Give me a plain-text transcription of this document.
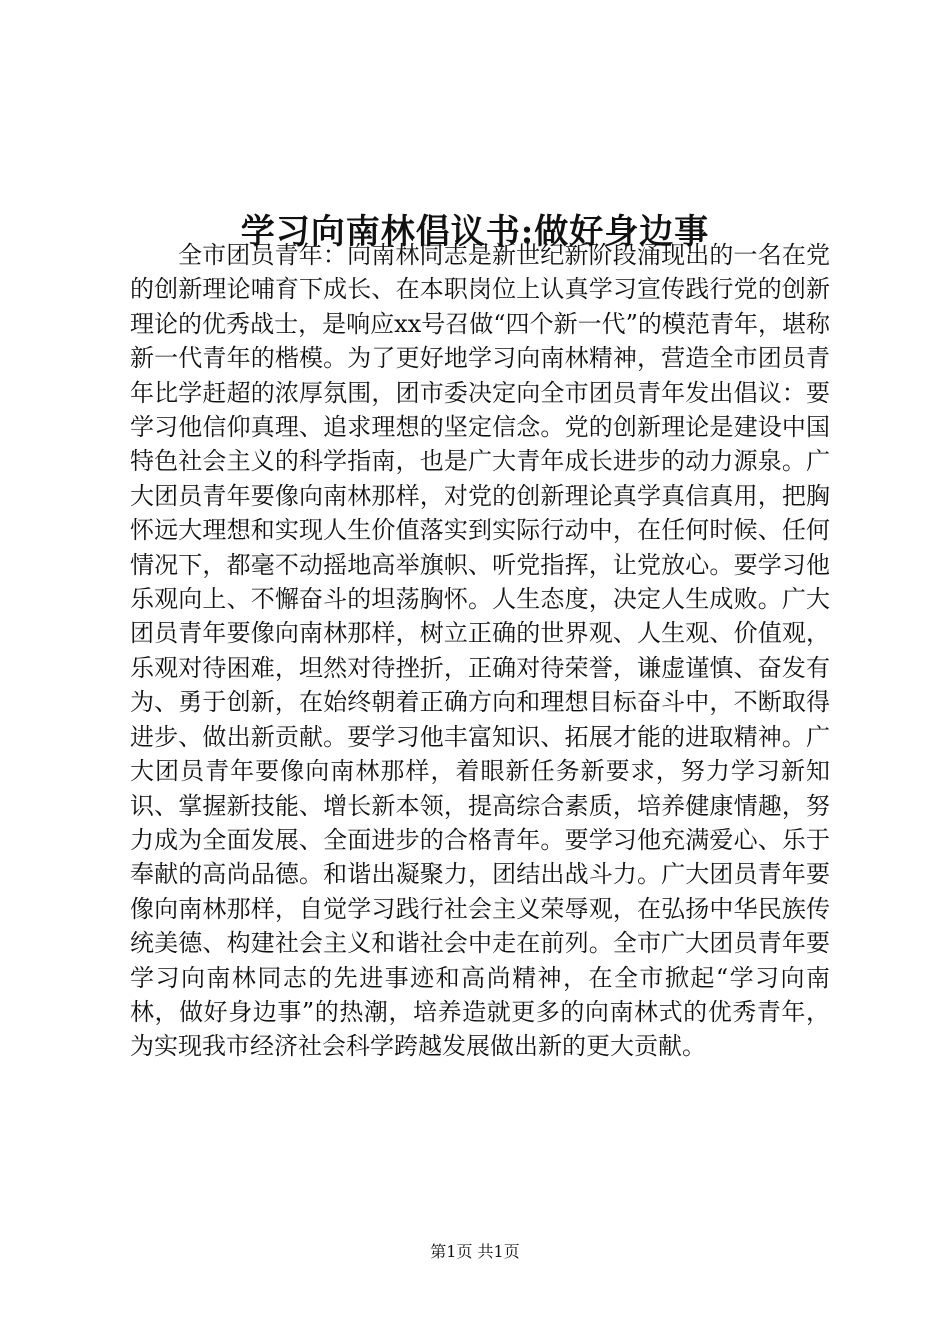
学习向南林倡议书:做好身边事

全市团员青年：向南林同志是新世纪新阶段涌现出的一名在党的创新理论哺育下成长、在本职岗位上认真学习宣传践行党的创新理论的优秀战士，是响应xx号召做“四个新一代”的模范青年，堪称新一代青年的楷模。为了更好地学习向南林精神，营造全市团员青年比学赶超的浓厚氛围，团市委决定向全市团员青年发出倡议：要学习他信仰真理、追求理想的坚定信念。党的创新理论是建设中国特色社会主义的科学指南，也是广大青年成长进步的动力源泉。广大团员青年要像向南林那样，对党的创新理论真学真信真用，把胸怀远大理想和实现人生价值落实到实际行动中，在任何时候、任何情况下，都毫不动摇地高举旗帜、听党指挥，让党放心。要学习他乐观向上、不懈奋斗的坦荡胸怀。人生态度，决定人生成败。广大团员青年要像向南林那样，树立正确的世界观、人生观、价值观，乐观对待困难，坦然对待挫折，正确对待荣誉，谦虚谨慎、奋发有为、勇于创新，在始终朝着正确方向和理想目标奋斗中，不断取得进步、做出新贡献。要学习他丰富知识、拓展才能的进取精神。广大团员青年要像向南林那样，着眼新任务新要求，努力学习新知识、掌握新技能、增长新本领，提高综合素质，培养健康情趣，努力成为全面发展、全面进步的合格青年。要学习他充满爱心、乐于奉献的高尚品德。和谐出凝聚力，团结出战斗力。广大团员青年要像向南林那样，自觉学习践行社会主义荣辱观，在弘扬中华民族传统美德、构建社会主义和谐社会中走在前列。全市广大团员青年要学习向南林同志的先进事迹和高尚精神，在全市掀起“学习向南林，做好身边事”的热潮，培养造就更多的向南林式的优秀青年，为实现我市经济社会科学跨越发展做出新的更大贡献。

第1页 共1页
